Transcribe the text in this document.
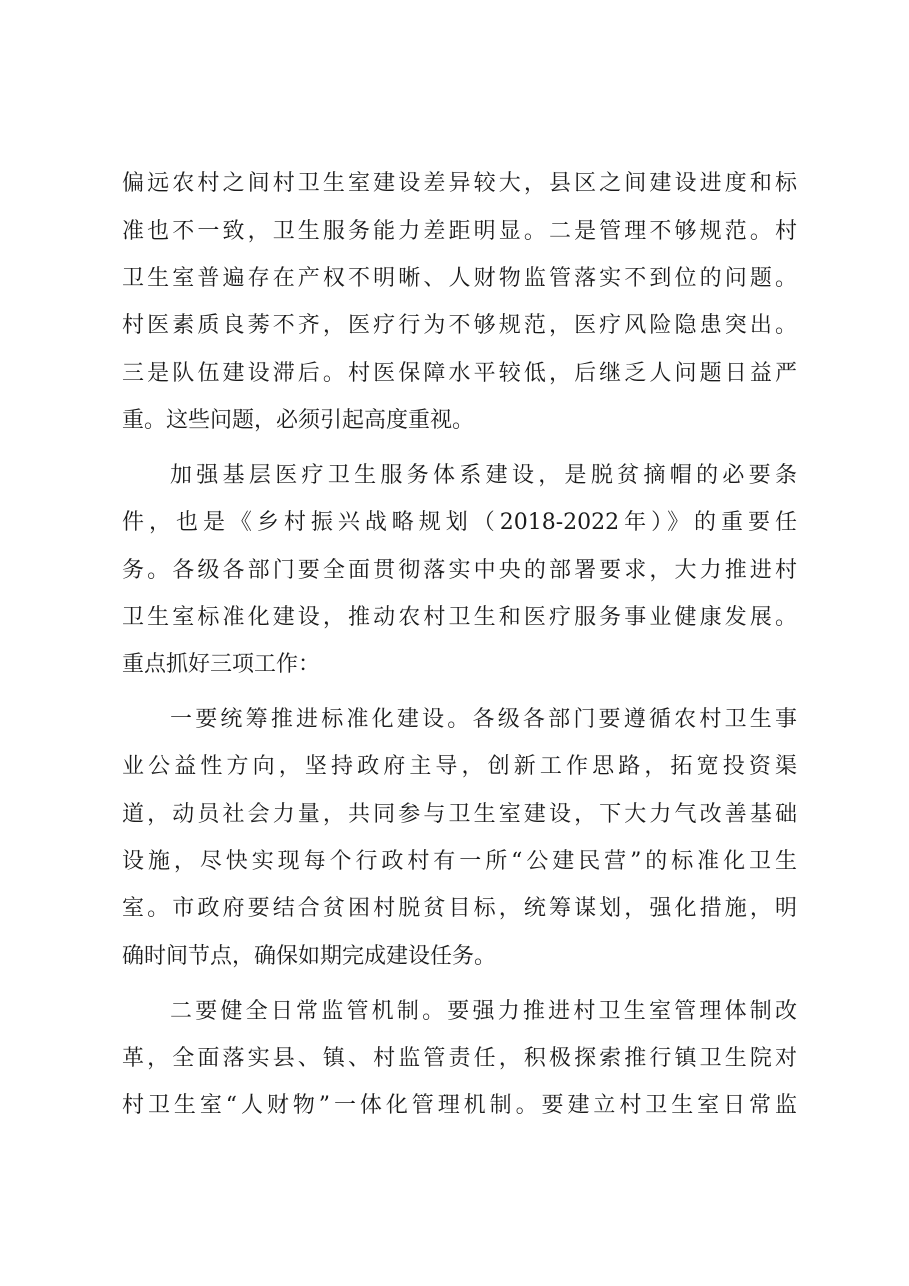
偏远农村之间村卫生室建设差异较大，县区之间建设进度和标
准也不一致，卫生服务能力差距明显。二是管理不够规范。村
卫生室普遍存在产权不明晰、人财物监管落实不到位的问题。
村医素质良莠不齐，医疗行为不够规范，医疗风险隐患突出。
三是队伍建设滞后。村医保障水平较低，后继乏人问题日益严
重。这些问题，必须引起高度重视。
加强基层医疗卫生服务体系建设，是脱贫摘帽的必要条
件，也是《乡村振兴战略规划（2018-2022年）》的重要任
务。各级各部门要全面贯彻落实中央的部署要求，大力推进村
卫生室标准化建设，推动农村卫生和医疗服务事业健康发展。
重点抓好三项工作：
一要统筹推进标准化建设。各级各部门要遵循农村卫生事
业公益性方向，坚持政府主导，创新工作思路，拓宽投资渠
道，动员社会力量，共同参与卫生室建设，下大力气改善基础
设施，尽快实现每个行政村有一所“公建民营”的标准化卫生
室。市政府要结合贫困村脱贫目标，统筹谋划，强化措施，明
确时间节点，确保如期完成建设任务。
二要健全日常监管机制。要强力推进村卫生室管理体制改
革，全面落实县、镇、村监管责任，积极探索推行镇卫生院对
村卫生室“人财物”一体化管理机制。要建立村卫生室日常监
